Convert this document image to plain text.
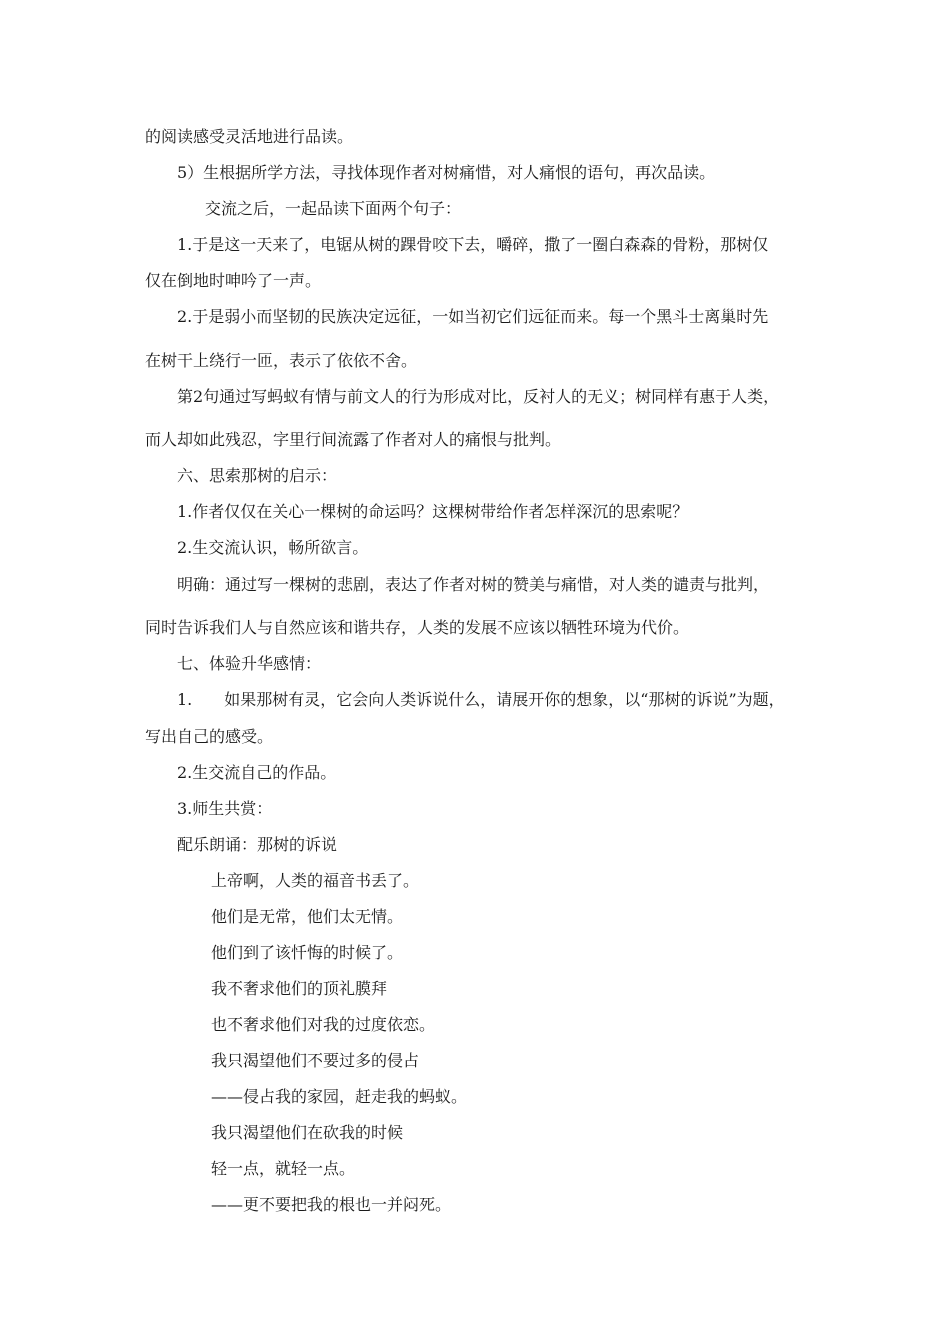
的阅读感受灵活地进行品读。
5）生根据所学方法，寻找体现作者对树痛惜，对人痛恨的语句，再次品读。
交流之后，一起品读下面两个句子：
1.于是这一天来了，电锯从树的踝骨咬下去，嚼碎，撒了一圈白森森的骨粉，那树仅
仅在倒地时呻吟了一声。
2.于是弱小而坚韧的民族决定远征，一如当初它们远征而来。每一个黑斗士离巢时先
在树干上绕行一匝，表示了依依不舍。
第2句通过写蚂蚁有情与前文人的行为形成对比，反衬人的无义；树同样有惠于人类，
而人却如此残忍，字里行间流露了作者对人的痛恨与批判。
六、思索那树的启示：
1.作者仅仅在关心一棵树的命运吗？这棵树带给作者怎样深沉的思索呢？
2.生交流认识，畅所欲言。
明确：通过写一棵树的悲剧，表达了作者对树的赞美与痛惜，对人类的谴责与批判，
同时告诉我们人与自然应该和谐共存，人类的发展不应该以牺牲环境为代价。
七、体验升华感情：
1.　　如果那树有灵，它会向人类诉说什么，请展开你的想象，以“那树的诉说”为题，
写出自己的感受。
2.生交流自己的作品。
3.师生共赏：
配乐朗诵：那树的诉说
上帝啊，人类的福音书丢了。
他们是无常，他们太无情。
他们到了该忏悔的时候了。
我不奢求他们的顶礼膜拜
也不奢求他们对我的过度依恋。
我只渴望他们不要过多的侵占
——侵占我的家园，赶走我的蚂蚁。
我只渴望他们在砍我的时候
轻一点，就轻一点。
——更不要把我的根也一并闷死。
